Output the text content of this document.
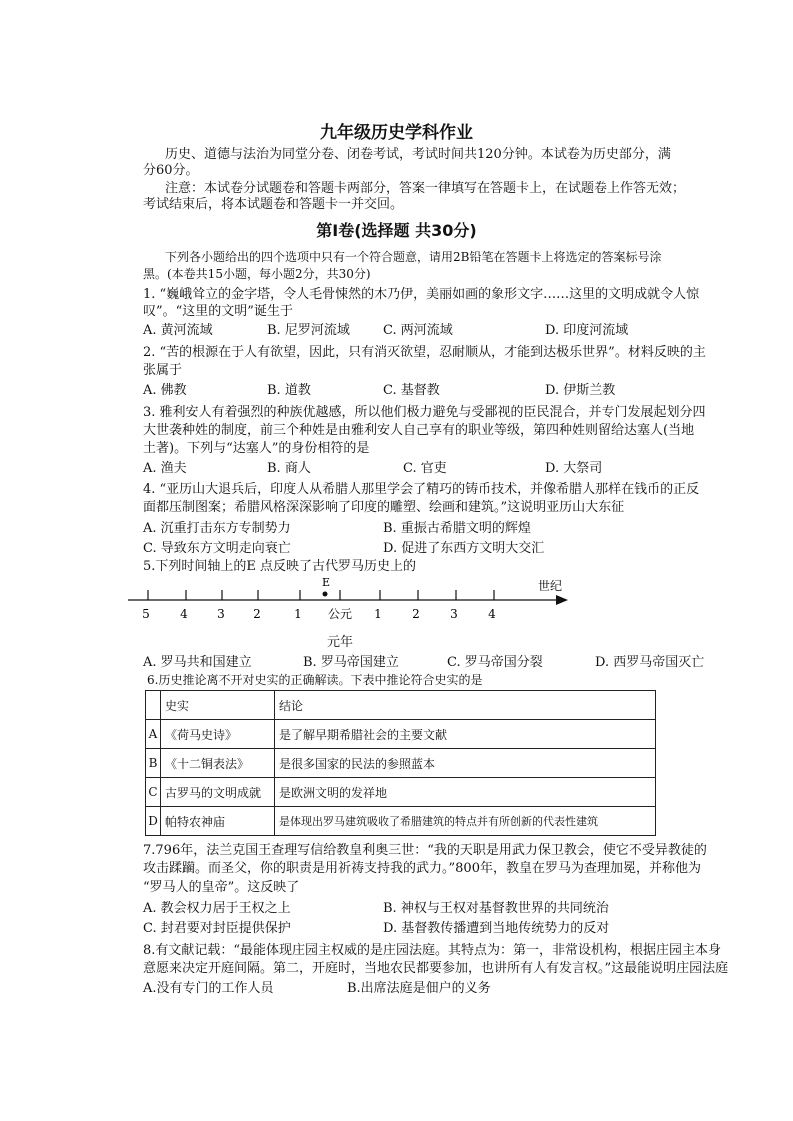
九年级历史学科作业
历史、道德与法治为同堂分卷、闭卷考试，考试时间共120分钟。本试卷为历史部分，满
分60分。
注意：本试卷分试题卷和答题卡两部分，答案一律填写在答题卡上，在试题卷上作答无效；
考试结束后，将本试题卷和答题卡一并交回。
第Ⅰ卷(选择题 共30分)
下列各小题给出的四个选项中只有一个符合题意，请用2B铅笔在答题卡上将选定的答案标号涂
黑。(本卷共15小题，每小题2分，共30分)
1. “巍峨耸立的金字塔，令人毛骨悚然的木乃伊，美丽如画的象形文字……这里的文明成就令人惊
叹”。“这里的文明”诞生于
A. 黄河流域	B. 尼罗河流域	C. 两河流域	D. 印度河流域
2. “苦的根源在于人有欲望，因此，只有消灭欲望，忍耐顺从，才能到达极乐世界”。材料反映的主
张属于
A. 佛教	B. 道教	C. 基督教	D. 伊斯兰教
3. 雅利安人有着强烈的种族优越感，所以他们极力避免与受鄙视的臣民混合，并专门发展起划分四
大世袭种姓的制度，前三个种姓是由雅利安人自己享有的职业等级，第四种姓则留给达塞人(当地
土著)。下列与“达塞人”的身份相符的是
A. 渔夫	B. 商人	C. 官吏	D. 大祭司
4. “亚历山大退兵后，印度人从希腊人那里学会了精巧的铸币技术，并像希腊人那样在钱币的正反
面都压制图案；希腊风格深深影响了印度的雕塑、绘画和建筑。”这说明亚历山大东征
A. 沉重打击东方专制势力	B. 重振古希腊文明的辉煌
C. 导致东方文明走向衰亡	D. 促进了东西方文明大交汇
5.下列时间轴上的E 点反映了古代罗马历史上的
E	世纪
5	4 3 2	1 公元 1	2	3	4
元年
A. 罗马共和国建立	B. 罗马帝国建立	C. 罗马帝国分裂	D. 西罗马帝国灭亡
6.历史推论离不开对史实的正确解读。下表中推论符合史实的是
	史实	结论
A	《荷马史诗》	是了解早期希腊社会的主要文献
B	《十二铜表法》	是很多国家的民法的参照蓝本
C	古罗马的文明成就	是欧洲文明的发祥地
D	帕特农神庙	是体现出罗马建筑吸收了希腊建筑的特点并有所创新的代表性建筑
7.796年，法兰克国王查理写信给教皇利奥三世：“我的天职是用武力保卫教会，使它不受异教徒的
攻击蹂躏。而圣父，你的职责是用祈祷支持我的武力。”800年，教皇在罗马为查理加冕，并称他为
“罗马人的皇帝”。这反映了
A. 教会权力居于王权之上	B. 神权与王权对基督教世界的共同统治
C. 封君要对封臣提供保护	D. 基督教传播遭到当地传统势力的反对
8.有文献记载：“最能体现庄园主权威的是庄园法庭。其特点为：第一，非常设机构，根据庄园主本身
意愿来决定开庭间隔。第二，开庭时，当地农民都要参加，也讲所有人有发言权。”这最能说明庄园法庭
A.没有专门的工作人员	B.出席法庭是佃户的义务
